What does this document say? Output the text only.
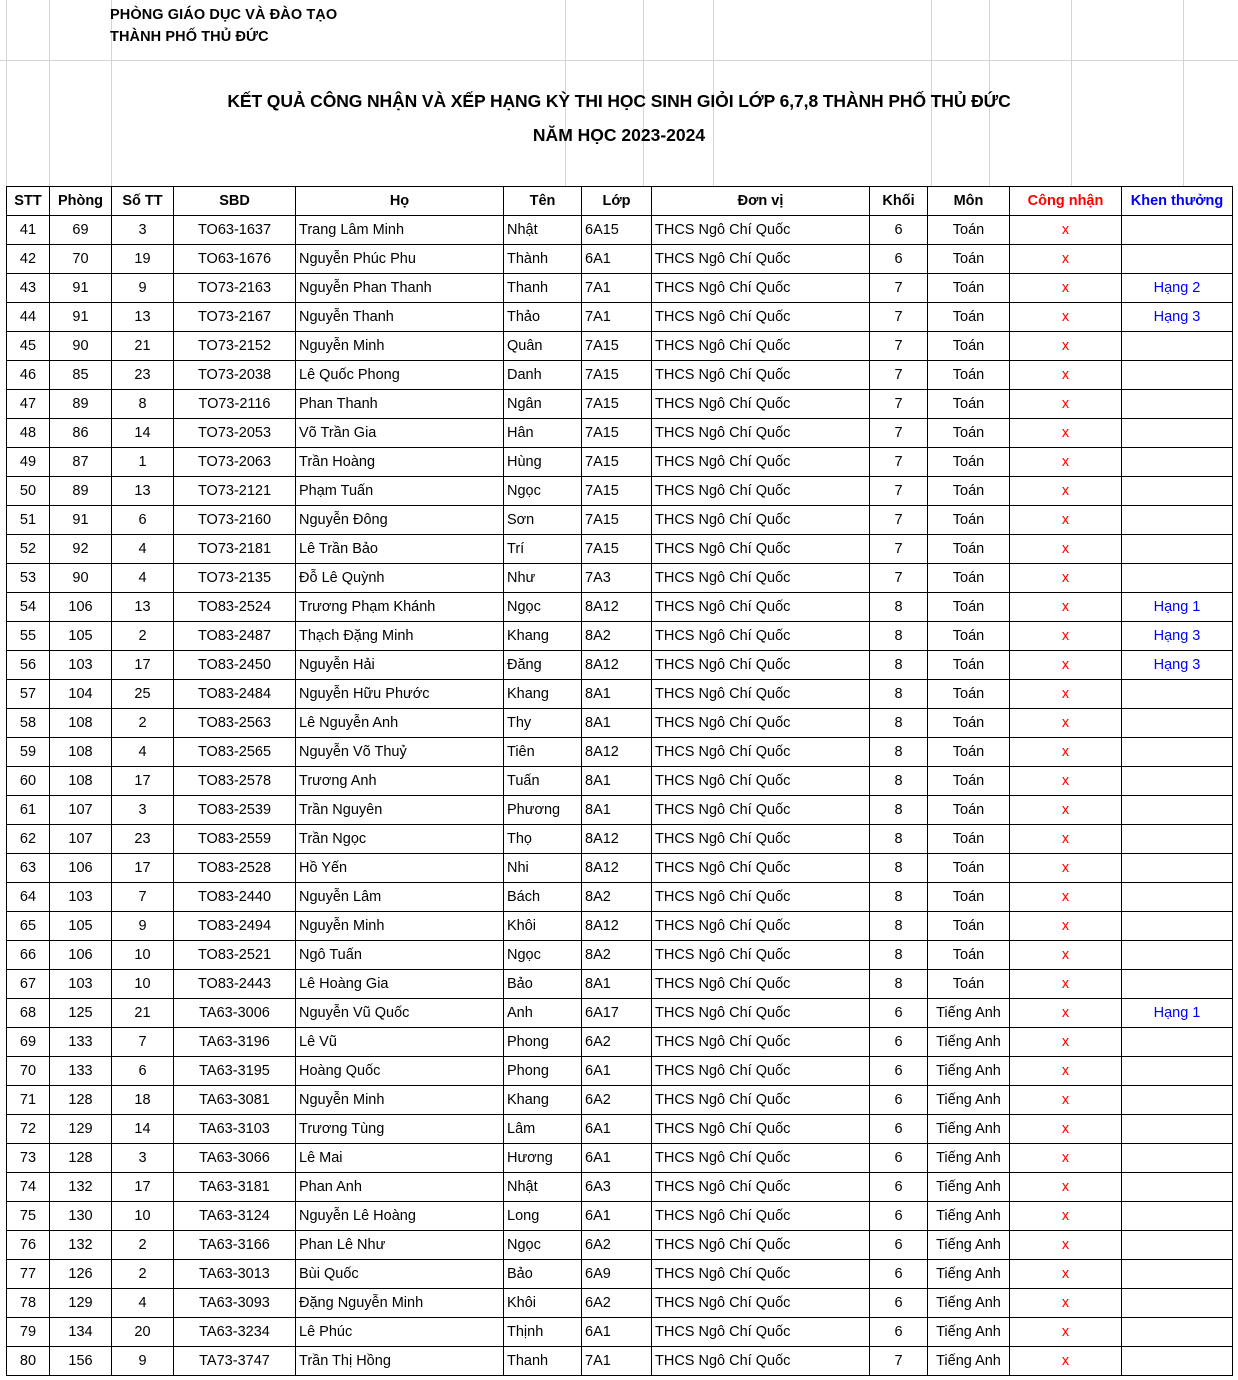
PHÒNG GIÁO DỤC VÀ ĐÀO TẠO
THÀNH PHỐ THỦ ĐỨC
KẾT QUẢ CÔNG NHẬN VÀ XẾP HẠNG KỲ THI HỌC SINH GIỎI LỚP 6,7,8 THÀNH PHỐ THỦ ĐỨC
NĂM HỌC 2023-2024
STT	Phòng	Số TT	SBD	Họ	Tên	Lớp	Đơn vị	Khối	Môn	Công nhận	Khen thưởng
41	69	3	TO63-1637	Trang Lâm Minh	Nhật	6A15	THCS Ngô Chí Quốc	6	Toán	x	
42	70	19	TO63-1676	Nguyễn Phúc Phu	Thành	6A1	THCS Ngô Chí Quốc	6	Toán	x	
43	91	9	TO73-2163	Nguyễn Phan Thanh	Thanh	7A1	THCS Ngô Chí Quốc	7	Toán	x	Hạng 2
44	91	13	TO73-2167	Nguyễn Thanh	Thảo	7A1	THCS Ngô Chí Quốc	7	Toán	x	Hạng 3
45	90	21	TO73-2152	Nguyễn Minh	Quân	7A15	THCS Ngô Chí Quốc	7	Toán	x	
46	85	23	TO73-2038	Lê Quốc Phong	Danh	7A15	THCS Ngô Chí Quốc	7	Toán	x	
47	89	8	TO73-2116	Phan Thanh	Ngân	7A15	THCS Ngô Chí Quốc	7	Toán	x	
48	86	14	TO73-2053	Võ Trần Gia	Hân	7A15	THCS Ngô Chí Quốc	7	Toán	x	
49	87	1	TO73-2063	Trần Hoàng	Hùng	7A15	THCS Ngô Chí Quốc	7	Toán	x	
50	89	13	TO73-2121	Phạm Tuấn	Ngọc	7A15	THCS Ngô Chí Quốc	7	Toán	x	
51	91	6	TO73-2160	Nguyễn Đông	Sơn	7A15	THCS Ngô Chí Quốc	7	Toán	x	
52	92	4	TO73-2181	Lê Trần Bảo	Trí	7A15	THCS Ngô Chí Quốc	7	Toán	x	
53	90	4	TO73-2135	Đỗ Lê Quỳnh	Như	7A3	THCS Ngô Chí Quốc	7	Toán	x	
54	106	13	TO83-2524	Trương Phạm Khánh	Ngọc	8A12	THCS Ngô Chí Quốc	8	Toán	x	Hạng 1
55	105	2	TO83-2487	Thạch Đặng Minh	Khang	8A2	THCS Ngô Chí Quốc	8	Toán	x	Hạng 3
56	103	17	TO83-2450	Nguyễn Hải	Đăng	8A12	THCS Ngô Chí Quốc	8	Toán	x	Hạng 3
57	104	25	TO83-2484	Nguyễn Hữu Phước	Khang	8A1	THCS Ngô Chí Quốc	8	Toán	x	
58	108	2	TO83-2563	Lê Nguyễn Anh	Thy	8A1	THCS Ngô Chí Quốc	8	Toán	x	
59	108	4	TO83-2565	Nguyễn Võ Thuỷ	Tiên	8A12	THCS Ngô Chí Quốc	8	Toán	x	
60	108	17	TO83-2578	Trương Anh	Tuấn	8A1	THCS Ngô Chí Quốc	8	Toán	x	
61	107	3	TO83-2539	Trần Nguyên	Phương	8A1	THCS Ngô Chí Quốc	8	Toán	x	
62	107	23	TO83-2559	Trần Ngọc	Thọ	8A12	THCS Ngô Chí Quốc	8	Toán	x	
63	106	17	TO83-2528	Hồ Yến	Nhi	8A12	THCS Ngô Chí Quốc	8	Toán	x	
64	103	7	TO83-2440	Nguyễn Lâm	Bách	8A2	THCS Ngô Chí Quốc	8	Toán	x	
65	105	9	TO83-2494	Nguyễn Minh	Khôi	8A12	THCS Ngô Chí Quốc	8	Toán	x	
66	106	10	TO83-2521	Ngô Tuấn	Ngọc	8A2	THCS Ngô Chí Quốc	8	Toán	x	
67	103	10	TO83-2443	Lê Hoàng Gia	Bảo	8A1	THCS Ngô Chí Quốc	8	Toán	x	
68	125	21	TA63-3006	Nguyễn Vũ Quốc	Anh	6A17	THCS Ngô Chí Quốc	6	Tiếng Anh	x	Hạng 1
69	133	7	TA63-3196	Lê Vũ	Phong	6A2	THCS Ngô Chí Quốc	6	Tiếng Anh	x	
70	133	6	TA63-3195	Hoàng Quốc	Phong	6A1	THCS Ngô Chí Quốc	6	Tiếng Anh	x	
71	128	18	TA63-3081	Nguyễn Minh	Khang	6A2	THCS Ngô Chí Quốc	6	Tiếng Anh	x	
72	129	14	TA63-3103	Trương Tùng	Lâm	6A1	THCS Ngô Chí Quốc	6	Tiếng Anh	x	
73	128	3	TA63-3066	Lê Mai	Hương	6A1	THCS Ngô Chí Quốc	6	Tiếng Anh	x	
74	132	17	TA63-3181	Phan Anh	Nhật	6A3	THCS Ngô Chí Quốc	6	Tiếng Anh	x	
75	130	10	TA63-3124	Nguyễn Lê Hoàng	Long	6A1	THCS Ngô Chí Quốc	6	Tiếng Anh	x	
76	132	2	TA63-3166	Phan Lê Như	Ngọc	6A2	THCS Ngô Chí Quốc	6	Tiếng Anh	x	
77	126	2	TA63-3013	Bùi Quốc	Bảo	6A9	THCS Ngô Chí Quốc	6	Tiếng Anh	x	
78	129	4	TA63-3093	Đặng Nguyễn Minh	Khôi	6A2	THCS Ngô Chí Quốc	6	Tiếng Anh	x	
79	134	20	TA63-3234	Lê Phúc	Thịnh	6A1	THCS Ngô Chí Quốc	6	Tiếng Anh	x	
80	156	9	TA73-3747	Trần Thị Hồng	Thanh	7A1	THCS Ngô Chí Quốc	7	Tiếng Anh	x	
